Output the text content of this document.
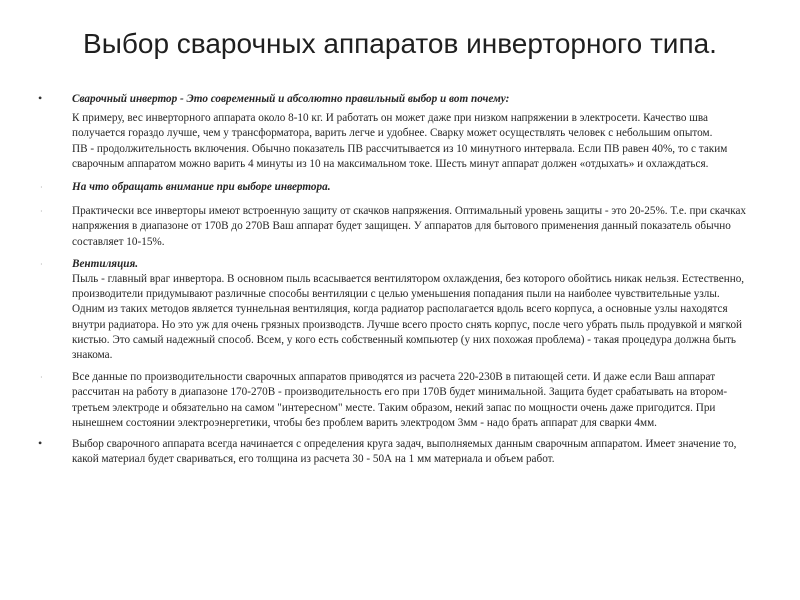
Выбор сварочных аппаратов инверторного типа.
•	Сварочный инвертор - Это современный и абсолютно правильный выбор и вот почему:

К примеру, вес инверторного аппарата около 8-10 кг. И работать он может даже при низком напряжении в электросети. Качество шва получается гораздо лучше, чем у трансформатора, варить легче и удобнее. Сварку может осуществлять человек с небольшим опытом.
ПВ - продолжительность включения. Обычно показатель ПВ рассчитывается из 10 минутного интервала. Если ПВ равен 40%, то с таким сварочным аппаратом можно варить 4 минуты из 10 на максимальном токе. Шесть минут аппарат должен «отдыхать» и охлаждаться.

·	На что обращать внимание при выборе инвертора.

·	Практически все инверторы имеют встроенную защиту от скачков напряжения. Оптимальный уровень защиты - это 20-25%. Т.е. при скачках напряжения в диапазоне от 170В до 270В Ваш аппарат будет защищен. У аппаратов для бытового применения данный показатель обычно составляет 10-15%.

·	Вентиляция.

Пыль - главный враг инвертора. В основном пыль всасывается вентилятором охлаждения, без которого обойтись никак нельзя. Естественно, производители придумывают различные способы вентиляции с целью уменьшения попадания пыли на наиболее чувствительные узлы. Одним из таких методов является туннельная вентиляция, когда радиатор располагается вдоль всего корпуса, а основные узлы находятся внутри радиатора. Но это уж для очень грязных производств. Лучше всего просто снять корпус, после чего убрать пыль продувкой и мягкой кистью. Это самый надежный способ. Всем, у кого есть собственный компьютер (у них похожая проблема) - такая процедура должна быть знакома.

·	Все данные по производительности сварочных аппаратов приводятся из расчета 220-230В в питающей сети. И даже если Ваш аппарат рассчитан на работу в диапазоне 170-270В - производительность его при 170В будет минимальной. Защита будет срабатывать на втором-третьем электроде и обязательно на самом "интересном" месте. Таким образом, некий запас по мощности очень даже пригодится. При нынешнем состоянии электроэнергетики, чтобы без проблем варить электродом 3мм - надо брать аппарат для сварки 4мм.

•	Выбор сварочного аппарата всегда начинается с определения круга задач, выполняемых данным сварочным аппаратом. Имеет значение то, какой материал будет свариваться, его толщина из расчета 30 - 50А на 1 мм материала и объем работ.
